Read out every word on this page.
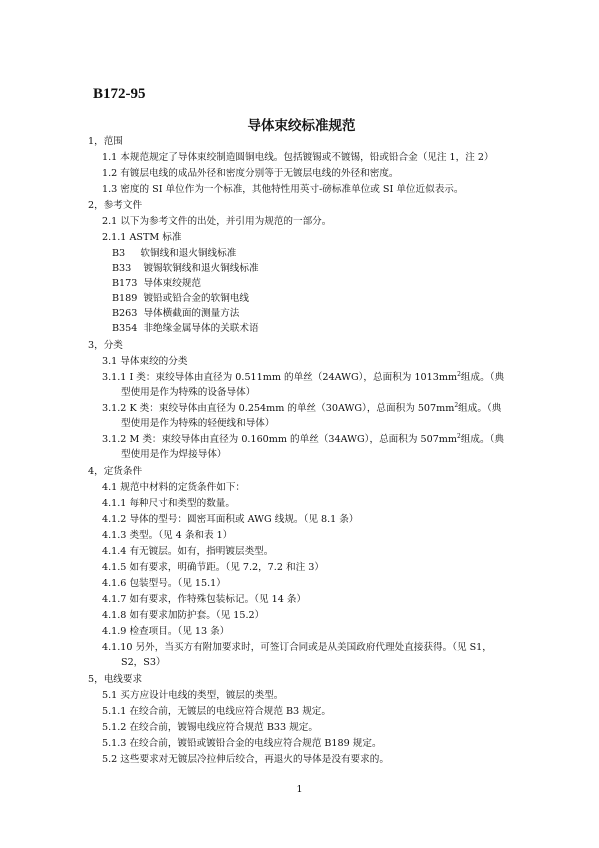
B172-95
导体束绞标准规范
1，范围
1.1 本规范规定了导体束绞制造圆铜电线。包括镀锡或不镀锡，铅或铅合金（见注 1，注 2）
1.2 有镀层电线的成品外径和密度分别等于无镀层电线的外径和密度。
1.3 密度的 SI 单位作为一个标准，其他特性用英寸-磅标准单位或 SI 单位近似表示。
2，参考文件
2.1 以下为参考文件的出处，并引用为规范的一部分。
2.1.1 ASTM 标准
B3     软铜线和退火铜线标准
B33    镀锡软铜线和退火铜线标准
B173  导体束绞规范
B189  镀铅或铅合金的软铜电线
B263  导体横截面的测量方法
B354  非绝缘金属导体的关联术语
3，分类
3.1 导体束绞的分类
3.1.1 I 类：束绞导体由直径为 0.511mm 的单丝（24AWG），总面积为 $1013mm^2$组成。（典
型使用是作为特殊的设备导体）
3.1.2 K 类：束绞导体由直径为 0.254mm 的单丝（30AWG），总面积为 $507mm^2$组成。（典
型使用是作为特殊的轻便线和导体）
3.1.2 M 类：束绞导体由直径为 0.160mm 的单丝（34AWG），总面积为 $507mm^2$组成。（典
型使用是作为焊接导体）
4，定货条件
4.1 规范中材料的定货条件如下：
4.1.1 每种尺寸和类型的数量。
4.1.2 导体的型号：圆密耳面积或 AWG 线规。（见 8.1 条）
4.1.3 类型。（见 4 条和表 1）
4.1.4 有无镀层。如有，指明镀层类型。
4.1.5 如有要求，明确节距。（见 7.2，7.2 和注 3）
4.1.6 包装型号。（见 15.1）
4.1.7 如有要求，作特殊包装标记。（见 14 条）
4.1.8 如有要求加防护套。（见 15.2）
4.1.9 检查项目。（见 13 条）
4.1.10 另外，当买方有附加要求时，可签订合同或是从美国政府代理处直接获得。（见 S1，
S2，S3）
5，电线要求
5.1 买方应设计电线的类型，镀层的类型。
5.1.1 在绞合前，无镀层的电线应符合规范 B3 规定。
5.1.2 在绞合前，镀锡电线应符合规范 B33 规定。
5.1.3 在绞合前，镀铅或镀铅合金的电线应符合规范 B189 规定。
5.2 这些要求对无镀层冷拉伸后绞合，再退火的导体是没有要求的。
1
